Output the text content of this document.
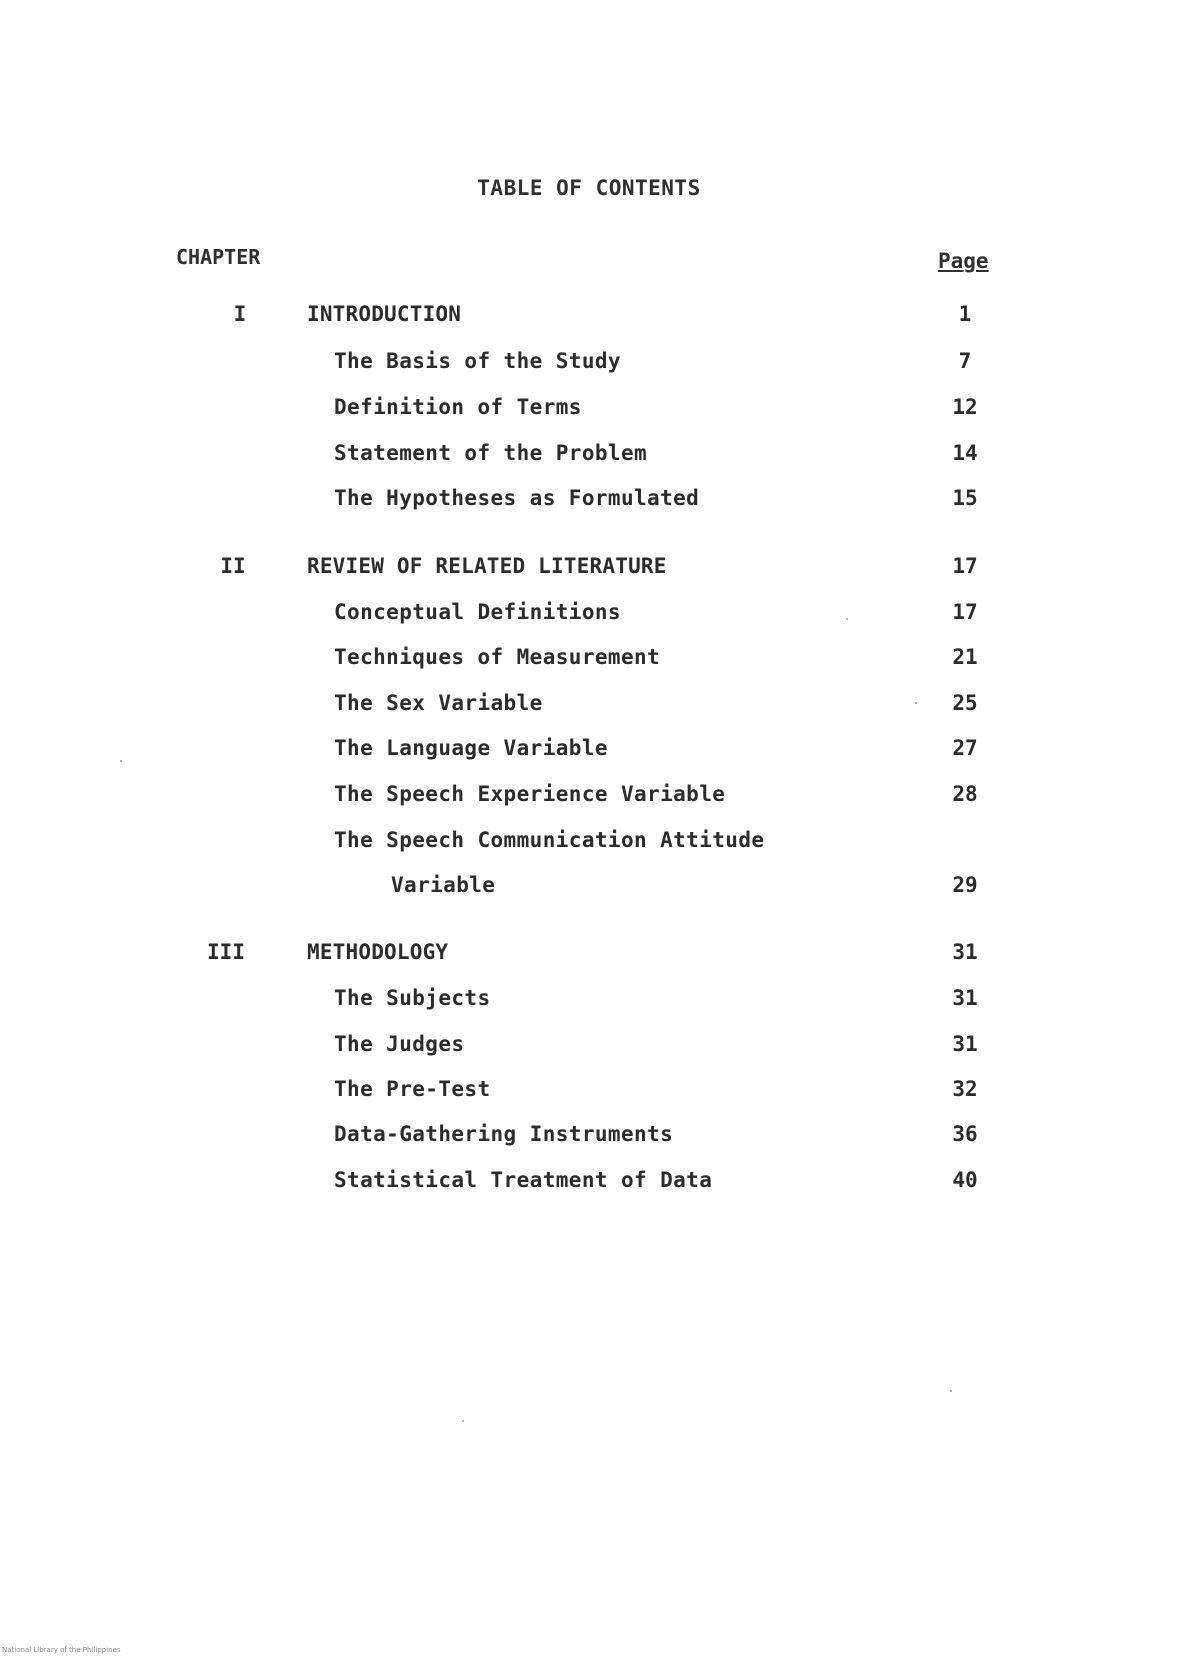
TABLE OF CONTENTS
CHAPTER	Page
I	INTRODUCTION	1
The Basis of the Study	7
Definition of Terms	12
Statement of the Problem	14
The Hypotheses as Formulated	15
II	REVIEW OF RELATED LITERATURE	17
Conceptual Definitions	17
Techniques of Measurement	21
The Sex Variable	25
The Language Variable	27
The Speech Experience Variable	28
The Speech Communication Attitude
Variable	29
III	METHODOLOGY	31
The Subjects	31
The Judges	31
The Pre-Test	32
Data-Gathering Instruments	36
Statistical Treatment of Data	40
National Library of the Philippines
